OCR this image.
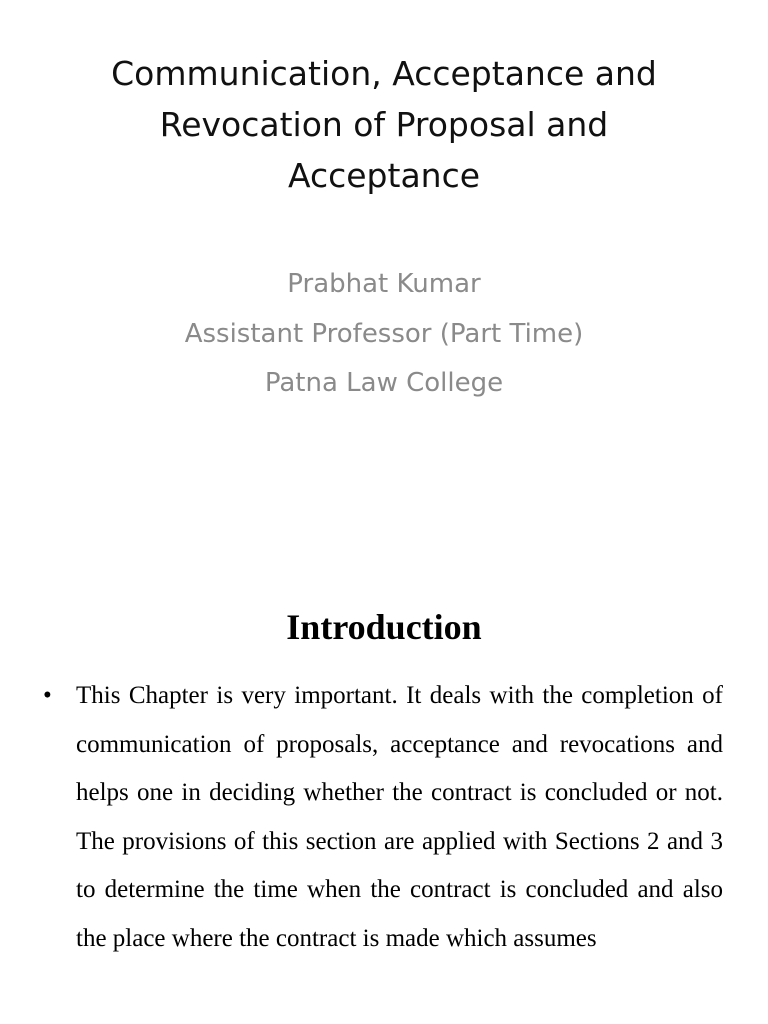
Communication, Acceptance and Revocation of Proposal and Acceptance
Prabhat Kumar
Assistant Professor (Part Time)
Patna Law College
Introduction
• This Chapter is very important. It deals with the completion of communication of proposals, acceptance and revocations and helps one in deciding whether the contract is concluded or not. The provisions of this section are applied with Sections 2 and 3 to determine the time when the contract is concluded and also the place where the contract is made which assumes
